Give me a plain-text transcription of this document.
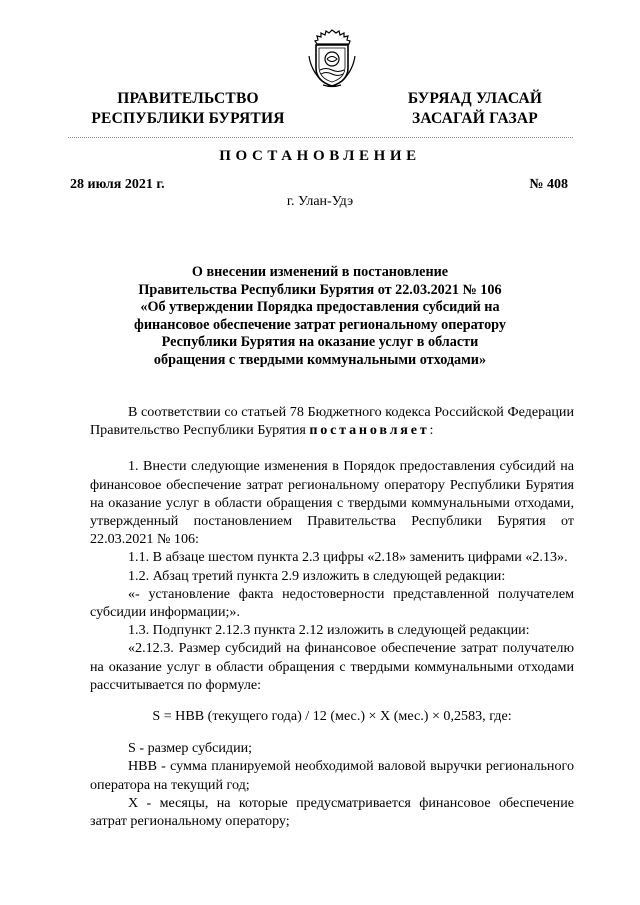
ПРАВИТЕЛЬСТВО
РЕСПУБЛИКИ БУРЯТИЯ
БУРЯАД УЛАСАЙ
ЗАСАГАЙ ГАЗАР
ПОСТАНОВЛЕНИЕ
28 июля 2021 г.	№ 408
г. Улан-Удэ
О внесении изменений в постановление
Правительства Республики Бурятия от 22.03.2021 № 106
«Об утверждении Порядка предоставления субсидий на
финансовое обеспечение затрат региональному оператору
Республики Бурятия на оказание услуг в области
обращения с твердыми коммунальными отходами»

В соответствии со статьей 78 Бюджетного кодекса Российской Федерации Правительство Республики Бурятия постановляет:

1. Внести следующие изменения в Порядок предоставления субсидий на финансовое обеспечение затрат региональному оператору Республики Бурятия на оказание услуг в области обращения с твердыми коммунальными отходами, утвержденный постановлением Правительства Республики Бурятия от 22.03.2021 № 106:

1.1. В абзаце шестом пункта 2.3 цифры «2.18» заменить цифрами «2.13».

1.2. Абзац третий пункта 2.9 изложить в следующей редакции:

«- установление факта недостоверности представленной получателем субсидии информации;».

1.3. Подпункт 2.12.3 пункта 2.12 изложить в следующей редакции:

«2.12.3. Размер субсидий на финансовое обеспечение затрат получателю на оказание услуг в области обращения с твердыми коммунальными отходами рассчитывается по формуле:

S = НВВ (текущего года) / 12 (мес.) × Х (мес.) × 0,2583, где:

S - размер субсидии;

НВВ - сумма планируемой необходимой валовой выручки регионального оператора на текущий год;

Х - месяцы, на которые предусматривается финансовое обеспечение затрат региональному оператору;
